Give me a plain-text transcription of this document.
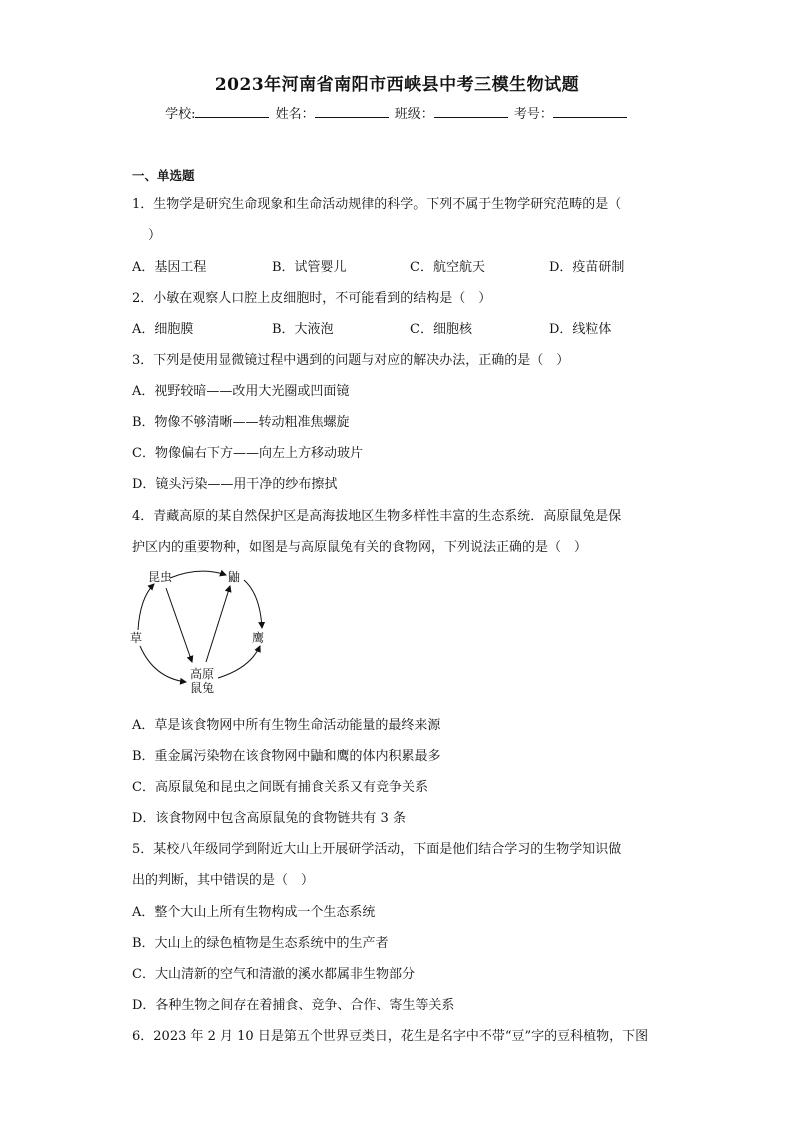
2023年河南省南阳市西峡县中考三模生物试题
学校:	姓名：	班级：	考号：
一、单选题
1．生物学是研究生命现象和生命活动规律的科学。下列不属于生物学研究范畴的是（
）
A．基因工程	B．试管婴儿	C．航空航天	D．疫苗研制
2．小敏在观察人口腔上皮细胞时，不可能看到的结构是（　）
A．细胞膜	B．大液泡	C．细胞核	D．线粒体
3．下列是使用显微镜过程中遇到的问题与对应的解决办法，正确的是（　）
A．视野较暗——改用大光圈或凹面镜
B．物像不够清晰——转动粗准焦螺旋
C．物像偏右下方——向左上方移动玻片
D．镜头污染——用干净的纱布擦拭
4．青藏高原的某自然保护区是高海拔地区生物多样性丰富的生态系统．高原鼠兔是保
护区内的重要物种，如图是与高原鼠兔有关的食物网，下列说法正确的是（　）
昆虫	鼬
草	鹰
高原
鼠兔
A．草是该食物网中所有生物生命活动能量的最终来源
B．重金属污染物在该食物网中鼬和鹰的体内积累最多
C．高原鼠兔和昆虫之间既有捕食关系又有竞争关系
D．该食物网中包含高原鼠兔的食物链共有 3 条
5．某校八年级同学到附近大山上开展研学活动，下面是他们结合学习的生物学知识做
出的判断，其中错误的是（　）
A．整个大山上所有生物构成一个生态系统
B．大山上的绿色植物是生态系统中的生产者
C．大山清新的空气和清澈的溪水都属非生物部分
D．各种生物之间存在着捕食、竞争、合作、寄生等关系
6．2023 年 2 月 10 日是第五个世界豆类日，花生是名字中不带“豆”字的豆科植物，下图
